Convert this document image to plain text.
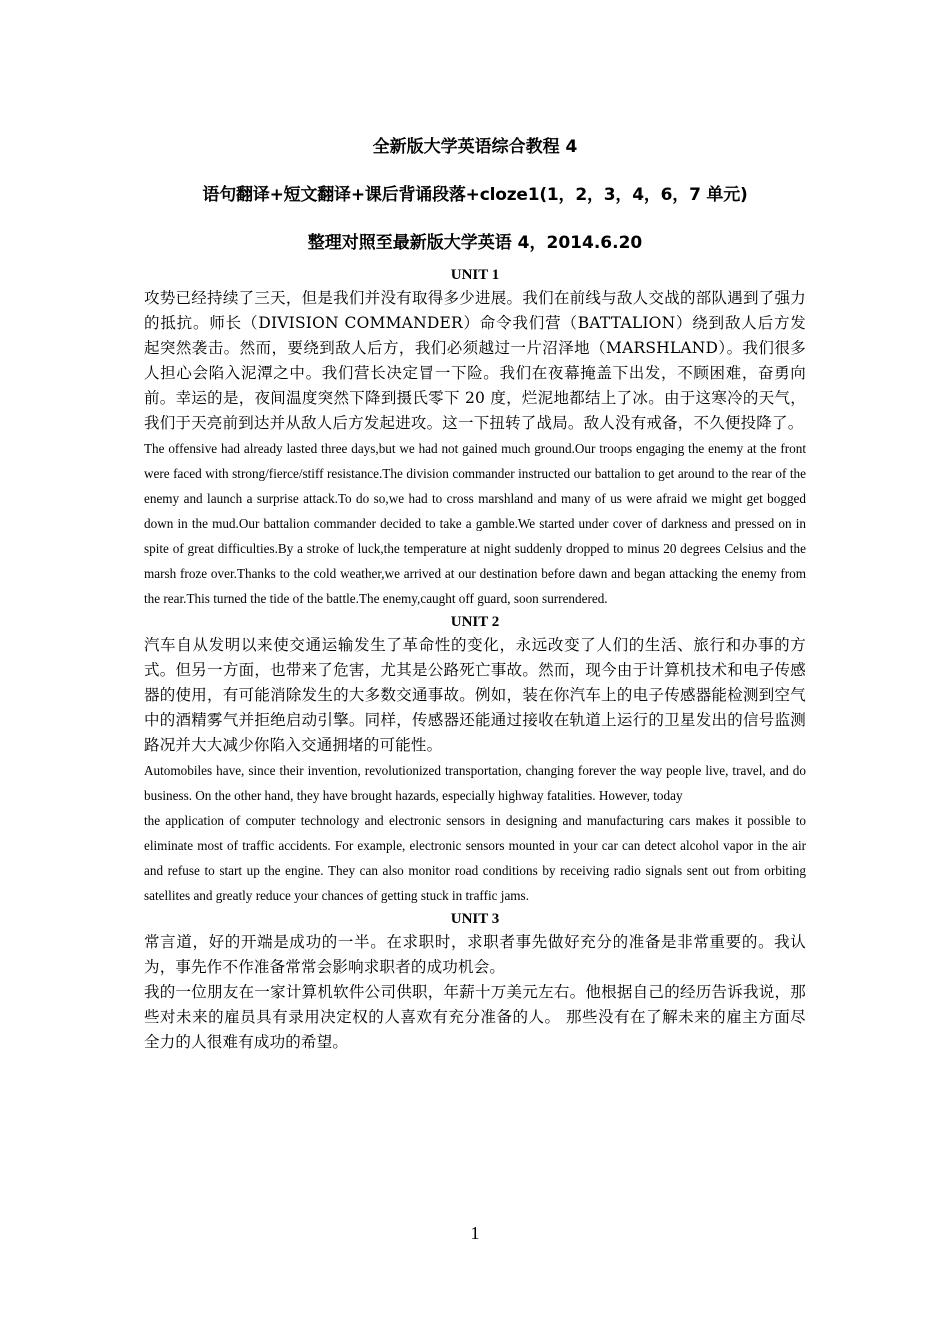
全新版大学英语综合教程 4

语句翻译+短文翻译+课后背诵段落+cloze1(1，2，3，4，6，7 单元)

整理对照至最新版大学英语 4，2014.6.20

UNIT 1

攻势已经持续了三天，但是我们并没有取得多少进展。我们在前线与敌人交战的部队遇到了强力的抵抗。师长（DIVISION COMMANDER）命令我们营（BATTALION）绕到敌人后方发起突然袭击。然而，要绕到敌人后方，我们必须越过一片沼泽地（MARSHLAND）。我们很多人担心会陷入泥潭之中。我们营长决定冒一下险。我们在夜幕掩盖下出发，不顾困难，奋勇向前。幸运的是，夜间温度突然下降到摄氏零下 20 度，烂泥地都结上了冰。由于这寒冷的天气，我们于天亮前到达并从敌人后方发起进攻。这一下扭转了战局。敌人没有戒备，不久便投降了。

The offensive had already lasted three days,but we had not gained much ground.Our troops engaging the enemy at the front were faced with strong/fierce/stiff resistance.The division commander instructed our battalion to get around to the rear of the enemy and launch a surprise attack.To do so,we had to cross marshland and many of us were afraid we might get bogged down in the mud.Our battalion commander decided to take a gamble.We started under cover of darkness and pressed on in spite of great difficulties.By a stroke of luck,the temperature at night suddenly dropped to minus 20 degrees Celsius and the marsh froze over.Thanks to the cold weather,we arrived at our destination before dawn and began attacking the enemy from the rear.This turned the tide of the battle.The enemy,caught off guard, soon surrendered.

UNIT 2

汽车自从发明以来使交通运输发生了革命性的变化，永远改变了人们的生活、旅行和办事的方式。但另一方面，也带来了危害，尤其是公路死亡事故。然而，现今由于计算机技术和电子传感器的使用，有可能消除发生的大多数交通事故。例如，装在你汽车上的电子传感器能检测到空气中的酒精雾气并拒绝启动引擎。同样，传感器还能通过接收在轨道上运行的卫星发出的信号监测路况并大大减少你陷入交通拥堵的可能性。

Automobiles have, since their invention, revolutionized transportation, changing forever the way people live, travel, and do business. On the other hand, they have brought hazards, especially highway fatalities. However, today

the application of computer technology and electronic sensors in designing and manufacturing cars makes it possible to eliminate most of traffic accidents. For example, electronic sensors mounted in your car can detect alcohol vapor in the air and refuse to start up the engine. They can also monitor road conditions by receiving radio signals sent out from orbiting satellites and greatly reduce your chances of getting stuck in traffic jams.

UNIT 3

常言道，好的开端是成功的一半。在求职时，求职者事先做好充分的准备是非常重要的。我认为，事先作不作准备常常会影响求职者的成功机会。

我的一位朋友在一家计算机软件公司供职，年薪十万美元左右。他根据自己的经历告诉我说，那些对未来的雇员具有录用决定权的人喜欢有充分准备的人。 那些没有在了解未来的雇主方面尽全力的人很难有成功的希望。

1
